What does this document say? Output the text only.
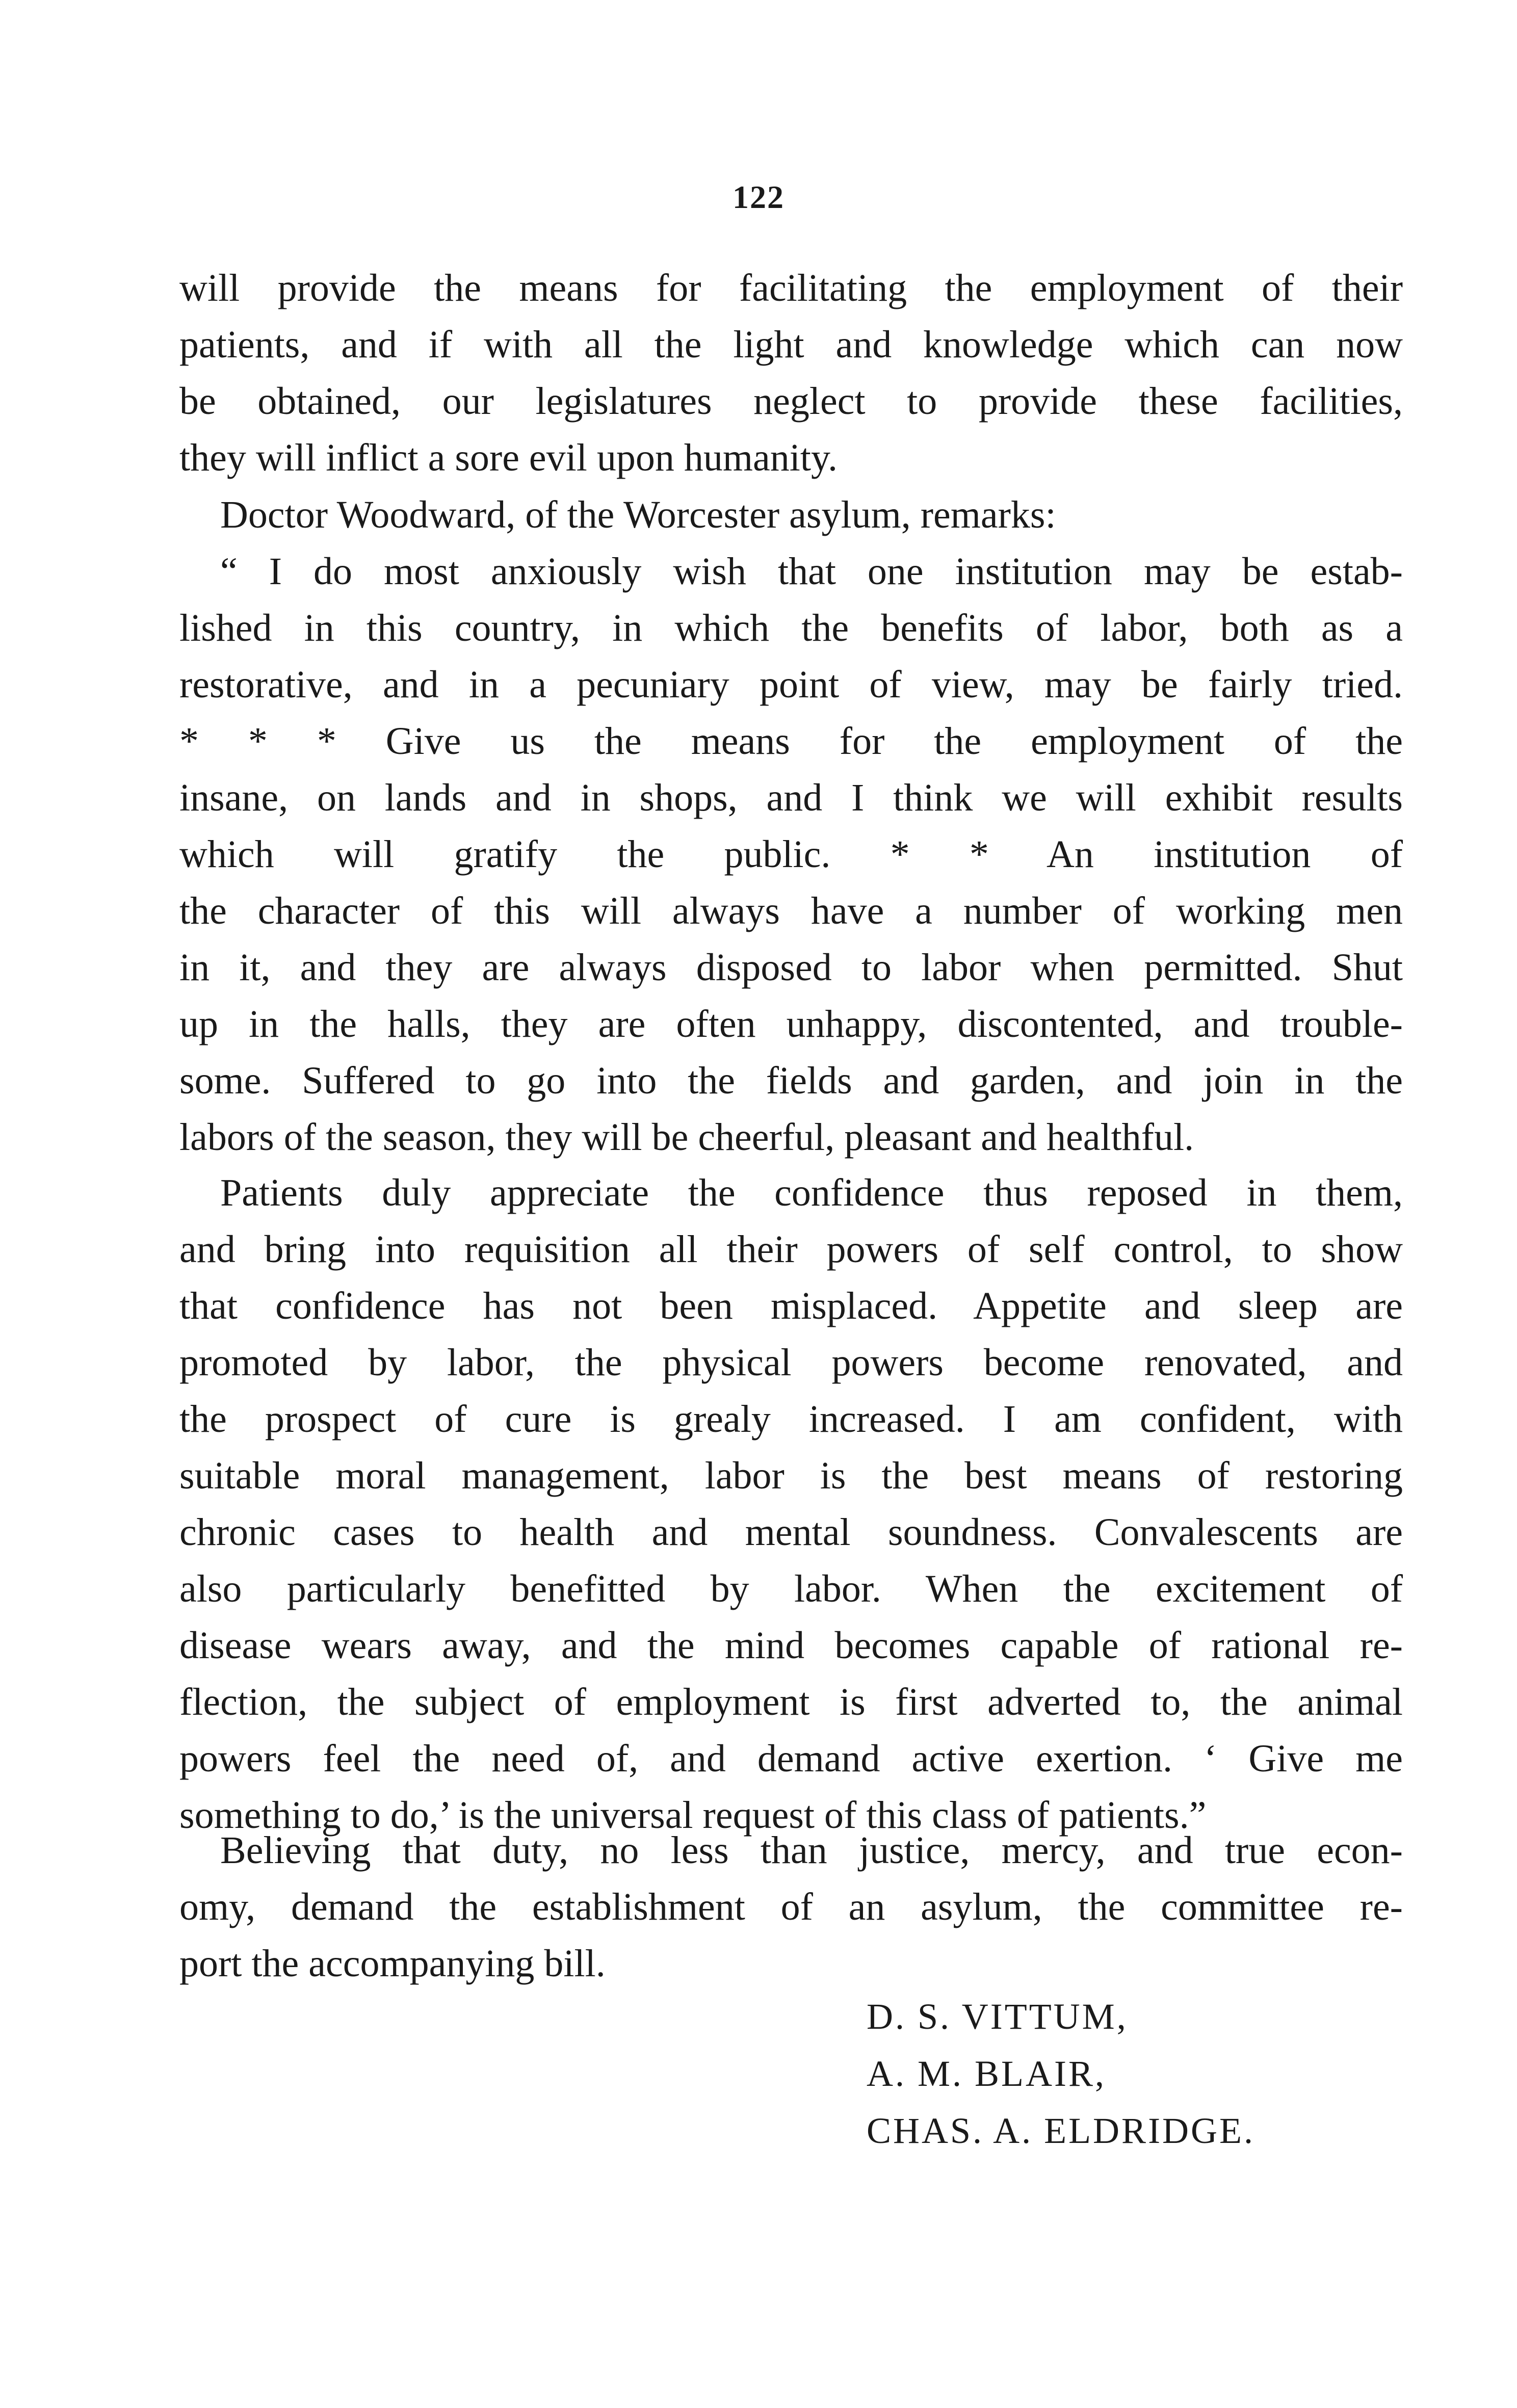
122
will provide the means for facilitating the employment of their
patients, and if with all the light and knowledge which can now
be obtained, our legislatures neglect to provide these facilities,
they will inflict a sore evil upon humanity.
Doctor Woodward, of the Worcester asylum, remarks:
“ I do most anxiously wish that one institution may be estab-
lished in this country, in which the benefits of labor, both as a
restorative, and in a pecuniary point of view, may be fairly tried.
* * * Give us the means for the employment of the
insane, on lands and in shops, and I think we will exhibit results
which will gratify the public. * * An institution of
the character of this will always have a number of working men
in it, and they are always disposed to labor when permitted. Shut
up in the halls, they are often unhappy, discontented, and trouble-
some. Suffered to go into the fields and garden, and join in the
labors of the season, they will be cheerful, pleasant and healthful.
Patients duly appreciate the confidence thus reposed in them,
and bring into requisition all their powers of self control, to show
that confidence has not been misplaced. Appetite and sleep are
promoted by labor, the physical powers become renovated, and
the prospect of cure is grealy increased. I am confident, with
suitable moral management, labor is the best means of restoring
chronic cases to health and mental soundness. Convalescents are
also particularly benefitted by labor. When the excitement of
disease wears away, and the mind becomes capable of rational re-
flection, the subject of employment is first adverted to, the animal
powers feel the need of, and demand active exertion. ‘ Give me
something to do,’ is the universal request of this class of patients.”
Believing that duty, no less than justice, mercy, and true econ-
omy, demand the establishment of an asylum, the committee re-
port the accompanying bill.
D. S. VITTUM,
A. M. BLAIR,
CHAS. A. ELDRIDGE.
